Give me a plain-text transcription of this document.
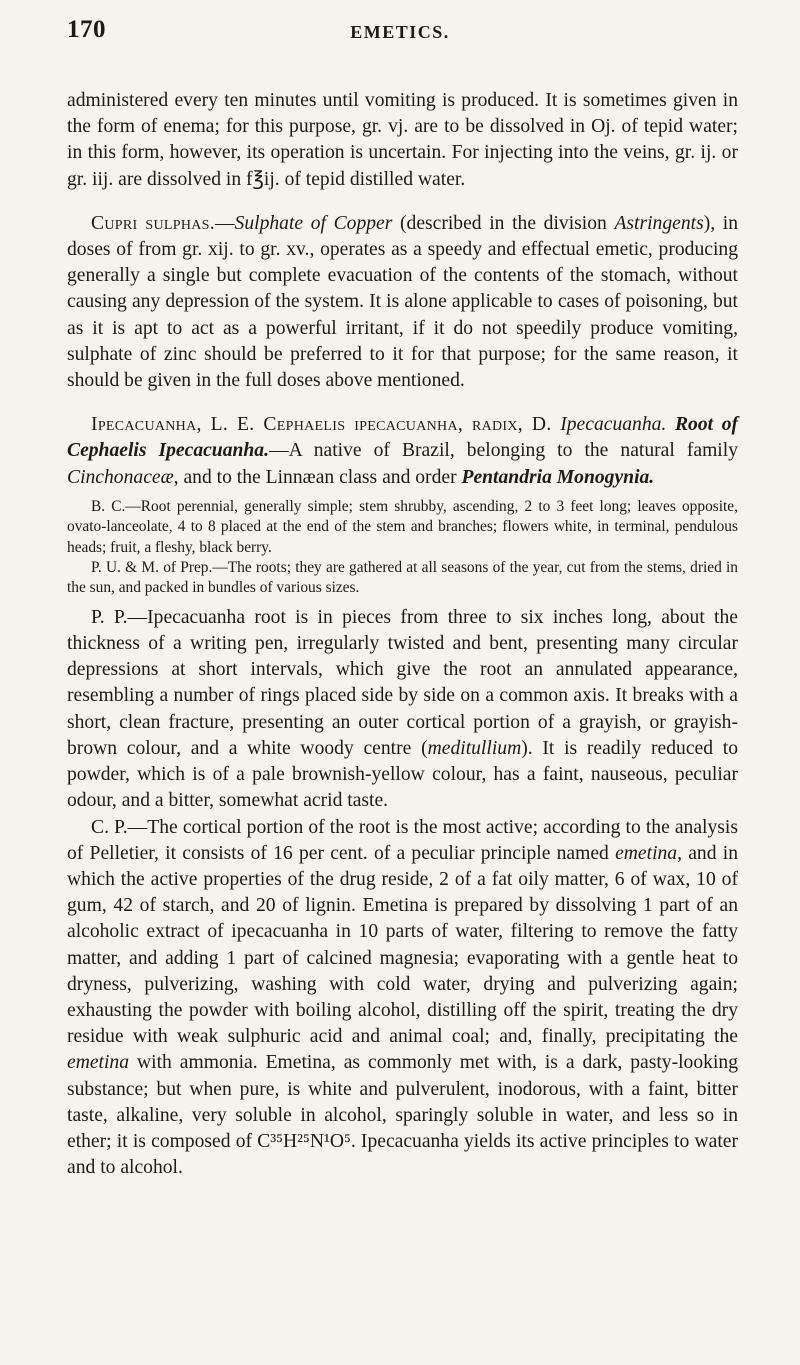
170	EMETICS.

administered every ten minutes until vomiting is produced. It is sometimes given in the form of enema; for this purpose, gr. vj. are to be dissolved in Oj. of tepid water; in this form, however, its operation is uncertain. For injecting into the veins, gr. ij. or gr. iij. are dissolved in f℥ij. of tepid distilled water.

Cupri sulphas.—Sulphate of Copper (described in the division Astringents), in doses of from gr. xij. to gr. xv., operates as a speedy and effectual emetic, producing generally a single but complete evacuation of the contents of the stomach, without causing any depression of the system. It is alone applicable to cases of poisoning, but as it is apt to act as a powerful irritant, if it do not speedily produce vomiting, sulphate of zinc should be preferred to it for that purpose; for the same reason, it should be given in the full doses above mentioned.

Ipecacuanha, L. E. Cephaelis ipecacuanha, radix, D. Ipecacuanha. Root of Cephaelis Ipecacuanha.—A native of Brazil, belonging to the natural family Cinchonaceæ, and to the Linnæan class and order Pentandria Monogynia.

B. C.—Root perennial, generally simple; stem shrubby, ascending, 2 to 3 feet long; leaves opposite, ovato-lanceolate, 4 to 8 placed at the end of the stem and branches; flowers white, in terminal, pendulous heads; fruit, a fleshy, black berry.

P. U. & M. of Prep.—The roots; they are gathered at all seasons of the year, cut from the stems, dried in the sun, and packed in bundles of various sizes.

P. P.—Ipecacuanha root is in pieces from three to six inches long, about the thickness of a writing pen, irregularly twisted and bent, presenting many circular depressions at short intervals, which give the root an annulated appearance, resembling a number of rings placed side by side on a common axis. It breaks with a short, clean fracture, presenting an outer cortical portion of a grayish, or grayish-brown colour, and a white woody centre (meditullium). It is readily reduced to powder, which is of a pale brownish-yellow colour, has a faint, nauseous, peculiar odour, and a bitter, somewhat acrid taste.

C. P.—The cortical portion of the root is the most active; according to the analysis of Pelletier, it consists of 16 per cent. of a peculiar principle named emetina, and in which the active properties of the drug reside, 2 of a fat oily matter, 6 of wax, 10 of gum, 42 of starch, and 20 of lignin. Emetina is prepared by dissolving 1 part of an alcoholic extract of ipecacuanha in 10 parts of water, filtering to remove the fatty matter, and adding 1 part of calcined magnesia; evaporating with a gentle heat to dryness, pulverizing, washing with cold water, drying and pulverizing again; exhausting the powder with boiling alcohol, distilling off the spirit, treating the dry residue with weak sulphuric acid and animal coal; and, finally, precipitating the emetina with ammonia. Emetina, as commonly met with, is a dark, pasty-looking substance; but when pure, is white and pulverulent, inodorous, with a faint, bitter taste, alkaline, very soluble in alcohol, sparingly soluble in water, and less so in ether; it is composed of C³⁵H²⁵N¹O⁵. Ipecacuanha yields its active principles to water and to alcohol.
